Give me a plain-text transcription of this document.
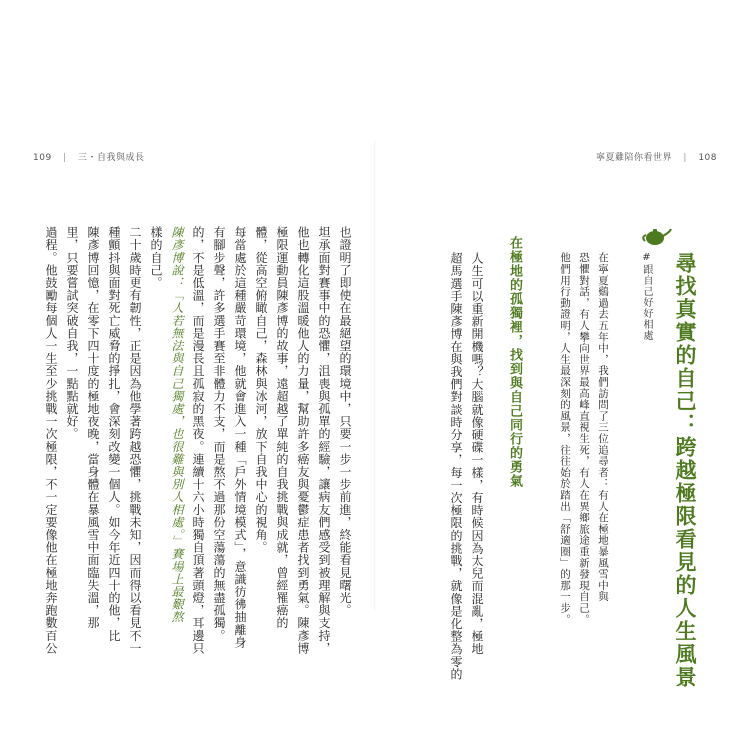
109 | 三・自我與成長	寧夏雞陪你看世界 | 108
尋找真實的自己：跨越極限看見的人生風景
#跟自己好好相處
在寧夏鷄過去五年中，我們訪問了三位追尋者：有人在極地暴風雪中與
恐懼對話，有人攀向世界最高峰直視生死，有人在異鄉旅途重新發現自己。
他們用行動證明，人生最深刻的風景，往往始於踏出「舒適圈」的那一步。
在極地的孤獨裡，找到與自己同行的勇氣
人生可以重新開機嗎？大腦就像硬碟一樣，有時候因為太兒而混亂，極地
超馬選手陳彥博在與我們對談時分享，每一次極限的挑戰，就像是化整為零的
也證明了即使在最絕望的環境中，只要一步一步前進，終能看見曙光。
坦承面對賽事中的恐懼，沮喪與孤單的經驗，讓病友們感受到被理解與支持，
他也轉化這股溫暖他人的力量，幫助許多癌友與憂鬱症患者找到勇氣。陳彥博
極限運動員陳彥博的故事，遠超越了單純的自我挑戰與成就，曾經罹癌的
體，從高空俯瞰自己，森林與冰河，放下自我中心的視角。
每當處於這種嚴苛環境，他就會進入一種「戶外情境模式」，意識彷彿抽離身
有腳步聲，許多選手賽至非體力不支，而是熬不過那份空蕩蕩的無盡孤獨。
的，不是低溫，而是漫長且孤寂的黑夜。連續十六小時獨自頂著頭燈，耳邊只
陳彥博說：「人若無法與自己獨處，也很難與別人相處。」賽場上最艱熬
樣的自己。
二十歲時更有韌性，正是因為他學著跨越恐懼，挑戰未知，因而得以看見不一
種顫抖與面對死亡威脅的掙扎，會深刻改變一個人。如今年近四十的他，比
陳彥博回憶，在零下四十度的極地夜晚，當身體在暴風雪中面臨失溫，那
里，只要嘗試突破自我，一點點就好。
過程。他鼓勵每個人一生至少挑戰一次極限，不一定要像他在極地奔跑數百公
